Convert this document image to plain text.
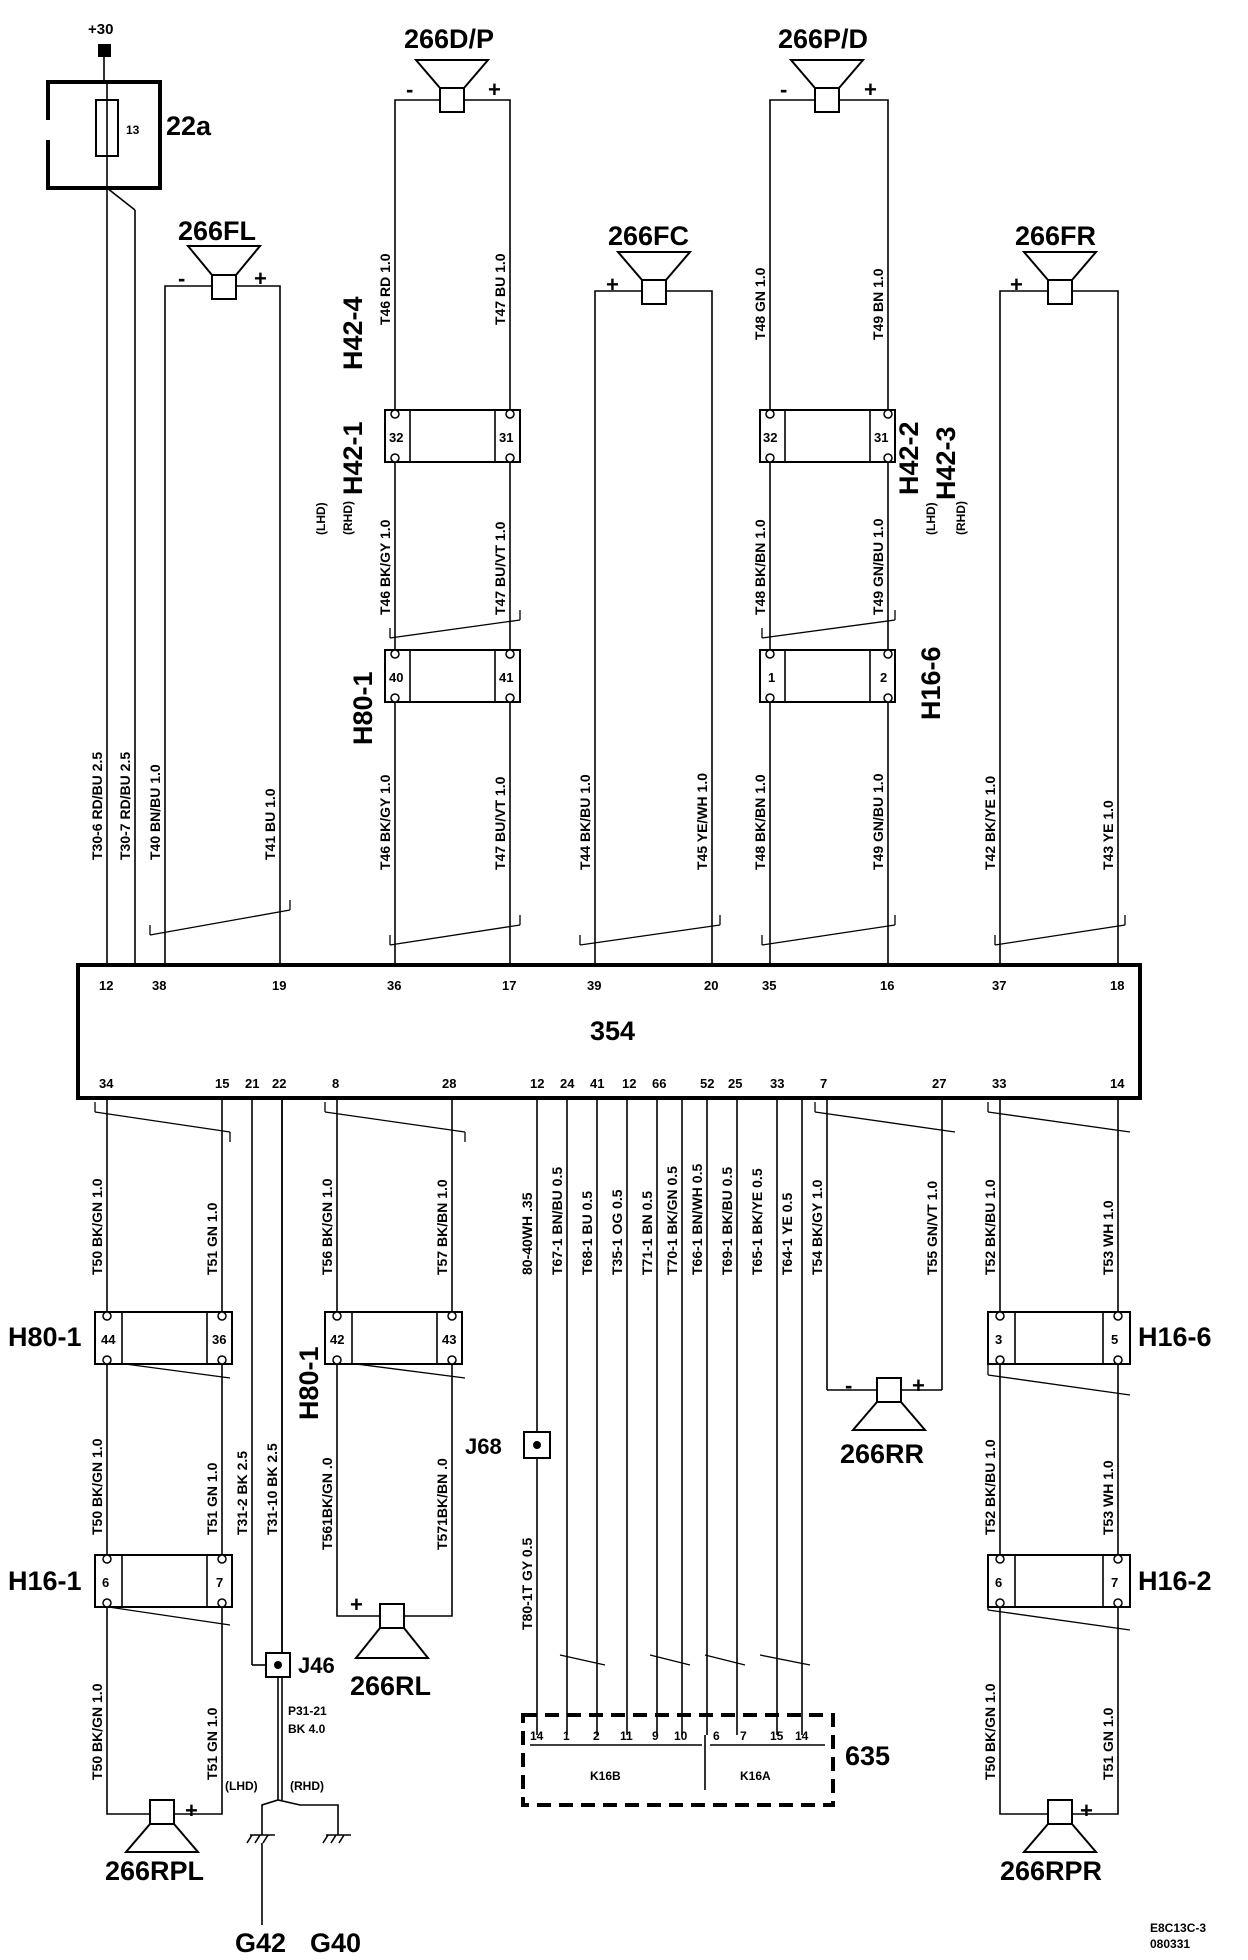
+30
13 22a
354
266FL
-	+
266D/P
-	+
266P/D
-	+
266FC
+
266FR
+
32	31	32	31
40	41	1	2
H42-1
H42-4
(LHD) (RHD)
H42-2 H42-3
(LHD) (RHD)
H80-1	H16-6
T30-6 RD/BU 2.5 T30-7 RD/BU 2.5 T40 BN/BU 1.0	T41 BU 1.0
T46 RD 1.0	T47 BU 1.0	T48 GN 1.0	T49 BN 1.0
T46 BK/GY 1.0	T47 BU/VT 1.0	T48 BK/BN 1.0	T49 GN/BU 1.0
T46 BK/GY 1.0	T47 BU/VT 1.0	T44 BK/BU 1.0	T45 YE/WH 1.0	T48 BK/BN 1.0	T49 GN/BU 1.0	T42 BK/YE 1.0	T43 YE 1.0
12	38	19	36	17	39	20	35	16	37	18
34	15 21 22	8	28	12 24 41 12 66	52 25 33	7	27	33	14
44	36
H80-1
6	7
H16-1
+
266RPL
J46
P31-21
BK 4.0
(LHD)	(RHD)
G42 G40
42	43
H80-1
+
266RL
J68
14 1 2 11 9 10 6 7 15 14
K16B	K16A
635
-	+
266RR
3	5 H16-6
6	7 H16-2
+
266RPR
T50 BK/GN 1.0	T51 GN 1.0
T50 BK/GN 1.0	T51 GN 1.0 T31-2 BK 2.5 T31-10 BK 2.5
T50 BK/GN 1.0	T51 GN 1.0
T56 BK/GN 1.0	T57 BK/BN 1.0
T561BK/GN .0	T571BK/BN .0
80-40WH .35
T80-1T GY 0.5
T67-1 BN/BU 0.5 T68-1 BU 0.5 T35-1 OG 0.5 T71-1 BN 0.5 T70-1 BK/GN 0.5 T66-1 BN/WH 0.5 T69-1 BK/BU 0.5 T65-1 BK/YE 0.5 T64-1 YE 0.5 T54 BK/GY 1.0	T55 GN/VT 1.0	T52 BK/BU 1.0	T53 WH 1.0
T52 BK/BU 1.0	T53 WH 1.0
T50 BK/GN 1.0	T51 GN 1.0
E8C13C-3
080331
